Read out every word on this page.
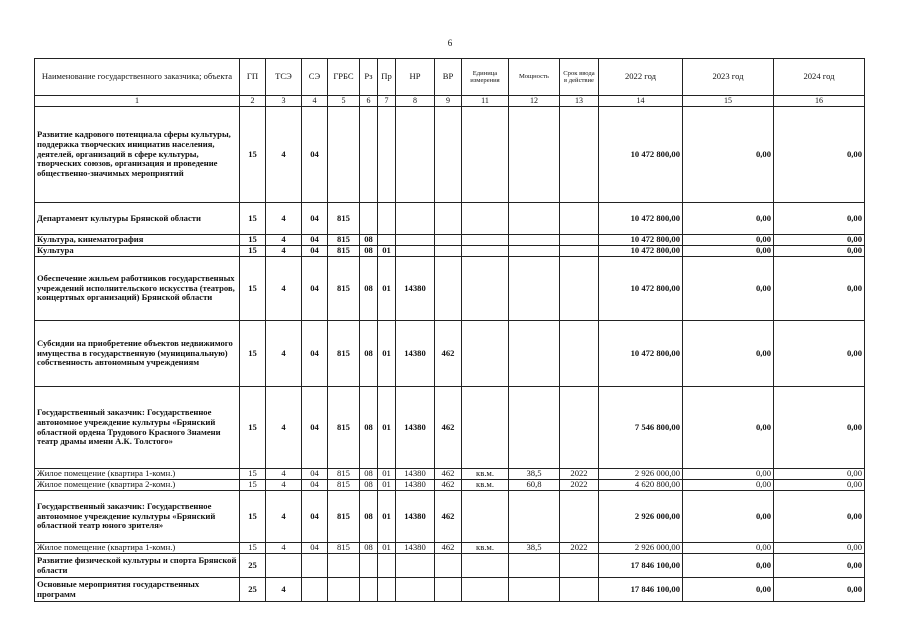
6
Наименование государственного заказчика; объекта	ГП	ТСЭ	СЭ	ГРБС	Рз	Пр	НР	ВР	Единица измерения	Мощность	Срок ввода в действие	2022 год	2023 год	2024 год
1	2	3	4	5	6	7	8	9	11	12	13	14	15	16
Развитие кадрового потенциала сферы культуры, поддержка творческих инициатив населения, деятелей, организаций в сфере культуры, творческих союзов, организация и проведение общественно-значимых мероприятий	15	4	04									10 472 800,00	0,00	0,00
Департамент культуры Брянской области	15	4	04	815								10 472 800,00	0,00	0,00
Культура, кинематография	15	4	04	815	08							10 472 800,00	0,00	0,00
Культура	15	4	04	815	08	01						10 472 800,00	0,00	0,00
Обеспечение жильем работников государственных учреждений исполнительского искусства (театров, концертных организаций) Брянской области	15	4	04	815	08	01	14380					10 472 800,00	0,00	0,00
Субсидии на приобретение объектов недвижимого имущества в государственную (муниципальную) собственность автономным учреждениям	15	4	04	815	08	01	14380	462				10 472 800,00	0,00	0,00
Государственный заказчик: Государственное автономное учреждение культуры «Брянский областной ордена Трудового Красного Знамени театр драмы имени А.К. Толстого»	15	4	04	815	08	01	14380	462				7 546 800,00	0,00	0,00
Жилое помещение (квартира 1-комн.)	15	4	04	815	08	01	14380	462	кв.м.	38,5	2022	2 926 000,00	0,00	0,00
Жилое помещение (квартира 2-комн.)	15	4	04	815	08	01	14380	462	кв.м.	60,8	2022	4 620 800,00	0,00	0,00
Государственный заказчик: Государственное автономное учреждение культуры «Брянский областной театр юного зрителя»	15	4	04	815	08	01	14380	462				2 926 000,00	0,00	0,00
Жилое помещение (квартира 1-комн.)	15	4	04	815	08	01	14380	462	кв.м.	38,5	2022	2 926 000,00	0,00	0,00
Развитие физической культуры и спорта Брянской области	25											17 846 100,00	0,00	0,00
Основные мероприятия государственных программ	25	4										17 846 100,00	0,00	0,00
